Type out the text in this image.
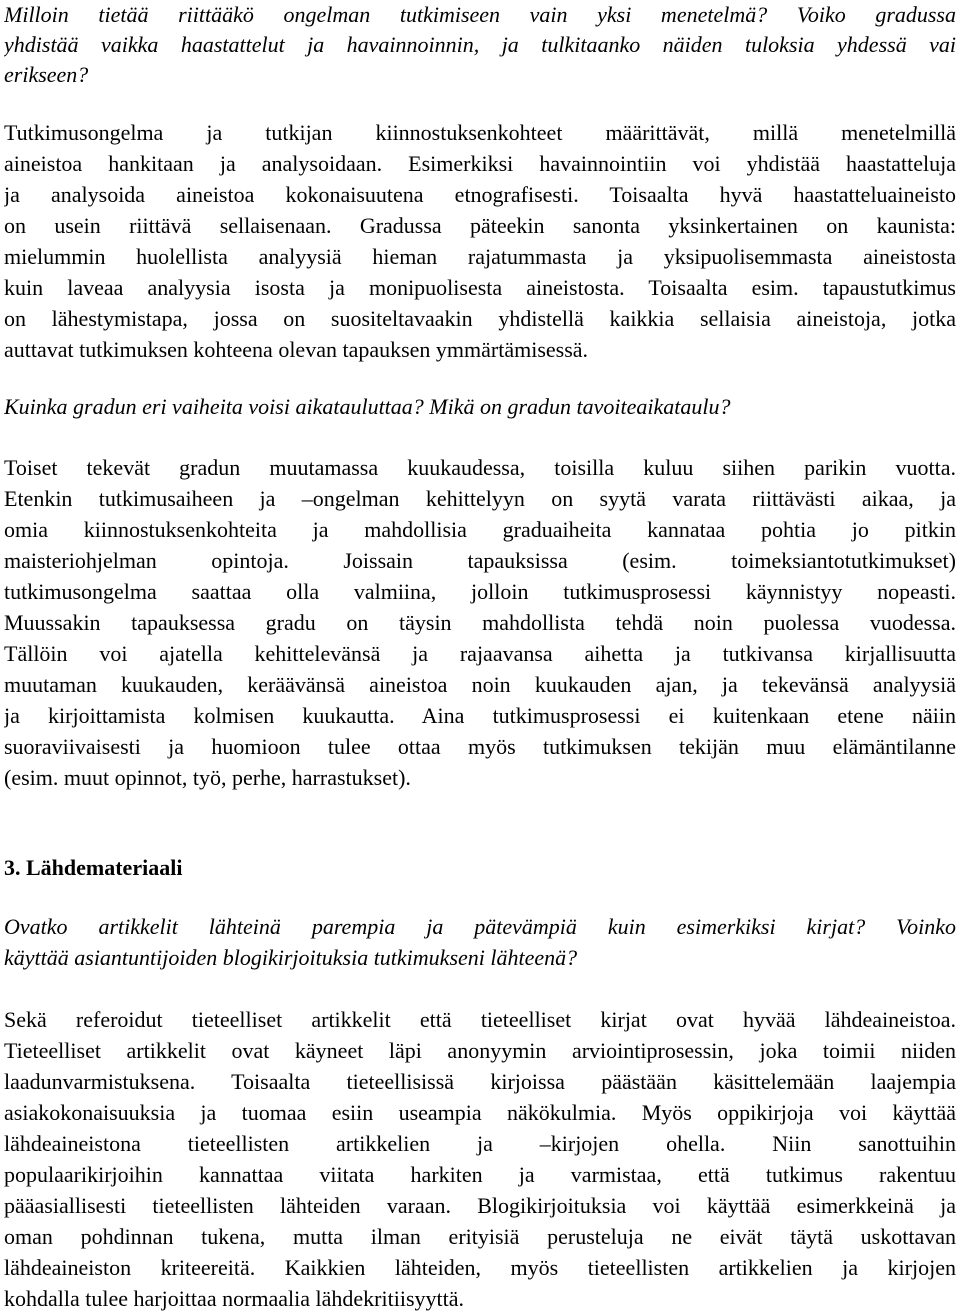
Milloin tietää riittääkö ongelman tutkimiseen vain yksi menetelmä? Voiko gradussa
yhdistää vaikka haastattelut ja havainnoinnin, ja tulkitaanko näiden tuloksia yhdessä vai
erikseen?
Tutkimusongelma ja tutkijan kiinnostuksenkohteet määrittävät, millä menetelmillä
aineistoa hankitaan ja analysoidaan. Esimerkiksi havainnointiin voi yhdistää haastatteluja
ja analysoida aineistoa kokonaisuutena etnografisesti. Toisaalta hyvä haastatteluaineisto
on usein riittävä sellaisenaan. Gradussa päteekin sanonta yksinkertainen on kaunista:
mielummin huolellista analyysiä hieman rajatummasta ja yksipuolisemmasta aineistosta
kuin laveaa analyysia isosta ja monipuolisesta aineistosta. Toisaalta esim. tapaustutkimus
on lähestymistapa, jossa on suositeltavaakin yhdistellä kaikkia sellaisia aineistoja, jotka
auttavat tutkimuksen kohteena olevan tapauksen ymmärtämisessä.
Kuinka gradun eri vaiheita voisi aikatauluttaa? Mikä on gradun tavoiteaikataulu?
Toiset tekevät gradun muutamassa kuukaudessa, toisilla kuluu siihen parikin vuotta.
Etenkin tutkimusaiheen ja –ongelman kehittelyyn on syytä varata riittävästi aikaa, ja
omia kiinnostuksenkohteita ja mahdollisia graduaiheita kannataa pohtia jo pitkin
maisteriohjelman opintoja. Joissain tapauksissa (esim. toimeksiantotutkimukset)
tutkimusongelma saattaa olla valmiina, jolloin tutkimusprosessi käynnistyy nopeasti.
Muussakin tapauksessa gradu on täysin mahdollista tehdä noin puolessa vuodessa.
Tällöin voi ajatella kehittelevänsä ja rajaavansa aihetta ja tutkivansa kirjallisuutta
muutaman kuukauden, keräävänsä aineistoa noin kuukauden ajan, ja tekevänsä analyysiä
ja kirjoittamista kolmisen kuukautta. Aina tutkimusprosessi ei kuitenkaan etene näiin
suoraviivaisesti ja huomioon tulee ottaa myös tutkimuksen tekijän muu elämäntilanne
(esim. muut opinnot, työ, perhe, harrastukset).
3. Lähdemateriaali
Ovatko artikkelit lähteinä parempia ja pätevämpiä kuin esimerkiksi kirjat? Voinko
käyttää asiantuntijoiden blogikirjoituksia tutkimukseni lähteenä?
Sekä referoidut tieteelliset artikkelit että tieteelliset kirjat ovat hyvää lähdeaineistoa.
Tieteelliset artikkelit ovat käyneet läpi anonyymin arviointiprosessin, joka toimii niiden
laadunvarmistuksena. Toisaalta tieteellisissä kirjoissa päästään käsittelemään laajempia
asiakokonaisuuksia ja tuomaa esiin useampia näkökulmia. Myös oppikirjoja voi käyttää
lähdeaineistona tieteellisten artikkelien ja –kirjojen ohella. Niin sanottuihin
populaarikirjoihin kannattaa viitata harkiten ja varmistaa, että tutkimus rakentuu
pääasiallisesti tieteellisten lähteiden varaan. Blogikirjoituksia voi käyttää esimerkkeinä ja
oman pohdinnan tukena, mutta ilman erityisiä perusteluja ne eivät täytä uskottavan
lähdeaineiston kriteereitä. Kaikkien lähteiden, myös tieteellisten artikkelien ja kirjojen
kohdalla tulee harjoittaa normaalia lähdekritiisyyttä.
